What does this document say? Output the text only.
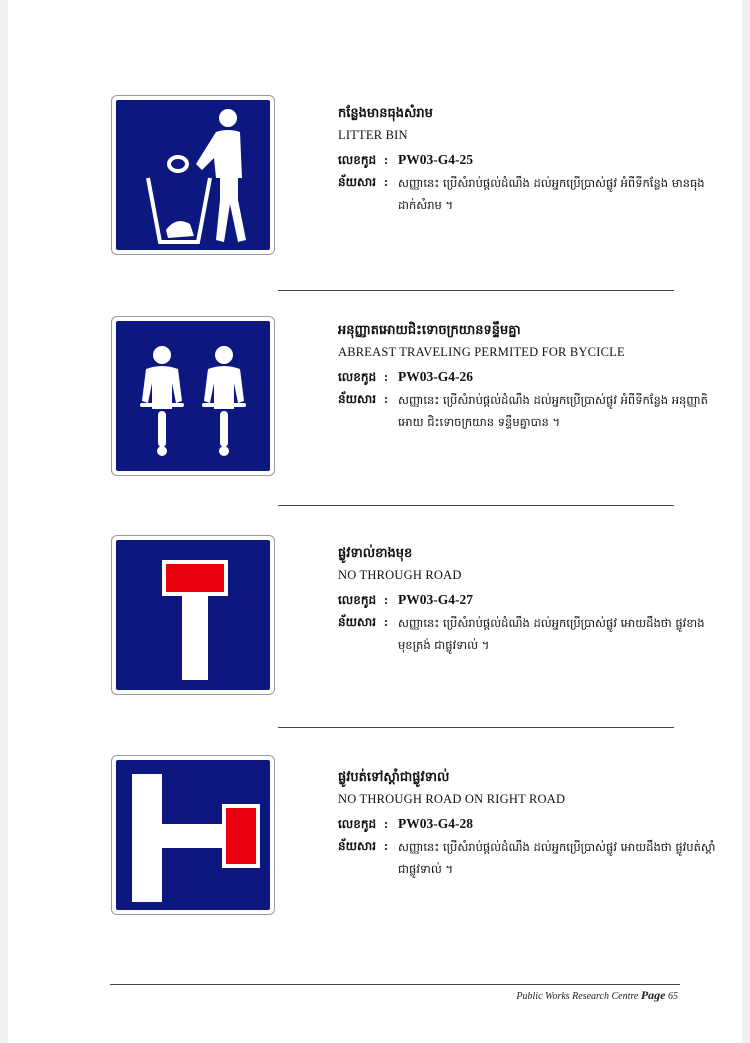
កន្លែងមានធុងសំរាម
LITTER BIN
លេខកូដ : PW03-G4-25
ន័យសារ : សញ្ញានេះ ប្រើសំរាប់ផ្តល់ដំណឹង ដល់អ្នកប្រើប្រាស់ផ្លូវ អំពីទីកន្លែង មានធុងដាក់សំរាម ។
អនុញ្ញាតអោយជិះទោចក្រយានទន្ទឹមគ្នា
ABREAST TRAVELING PERMITED FOR BYCICLE
លេខកូដ : PW03-G4-26
ន័យសារ : សញ្ញានេះ ប្រើសំរាប់ផ្តល់ដំណឹង ដល់អ្នកប្រើប្រាស់ផ្លូវ អំពីទីកន្លែង អនុញ្ញាតិអោយ ជិះទោចក្រយាន ទន្ទឹមគ្នាបាន ។
ផ្លូវទាល់ខាងមុខ
NO THROUGH ROAD
លេខកូដ : PW03-G4-27
ន័យសារ : សញ្ញានេះ ប្រើសំរាប់ផ្តល់ដំណឹង ដល់អ្នកប្រើប្រាស់ផ្លូវ អោយដឹងថា ផ្លូវខាងមុខត្រង់ ជាផ្លូវទាល់ ។
ផ្លូវបត់ទៅស្តាំជាផ្លូវទាល់
NO THROUGH ROAD ON RIGHT ROAD
លេខកូដ : PW03-G4-28
ន័យសារ : សញ្ញានេះ ប្រើសំរាប់ផ្តល់ដំណឹង ដល់អ្នកប្រើប្រាស់ផ្លូវ អោយដឹងថា ផ្លូវបត់ស្តាំ ជាផ្លូវទាល់ ។
Public Works Research Centre Page 65
